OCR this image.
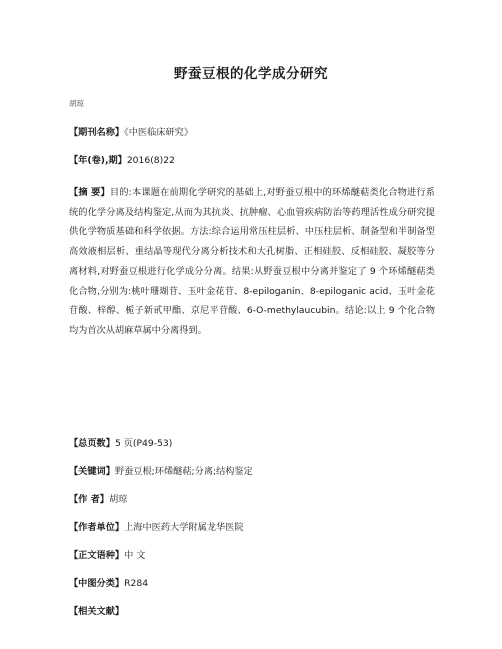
野蚕豆根的化学成分研究
胡琼
【期刊名称】《中医临床研究》
【年(卷),期】2016(8)22
【摘 要】目的:本课题在前期化学研究的基础上,对野蚕豆根中的环烯醚萜类化合物进行系统的化学分离及结构鉴定,从而为其抗炎、抗肿瘤、心血管疾病防治等药理活性成分研究提供化学物质基础和科学依据。方法:综合运用常压柱层析、中压柱层析、制备型和半制备型高效液相层析、重结晶等现代分离分析技术和大孔树脂、正相硅胶、反相硅胶、凝胶等分离材料,对野蚕豆根进行化学成分分离。结果:从野蚕豆根中分离并鉴定了 9 个环烯醚萜类化合物,分别为:桃叶珊瑚苷、玉叶金花苷、8-epiloganin、8-epiloganic acid、玉叶金花苷酸、梓醇、栀子新甙甲酯、京尼平苷酸、6-O-methylaucubin。结论:以上 9 个化合物均为首次从胡麻草属中分离得到。
【总页数】5 页(P49-53)
【关键词】野蚕豆根;环烯醚萜;分离;结构鉴定
【作 者】胡琼
【作者单位】上海中医药大学附属龙华医院
【正文语种】中 文
【中图分类】R284
【相关文献】
